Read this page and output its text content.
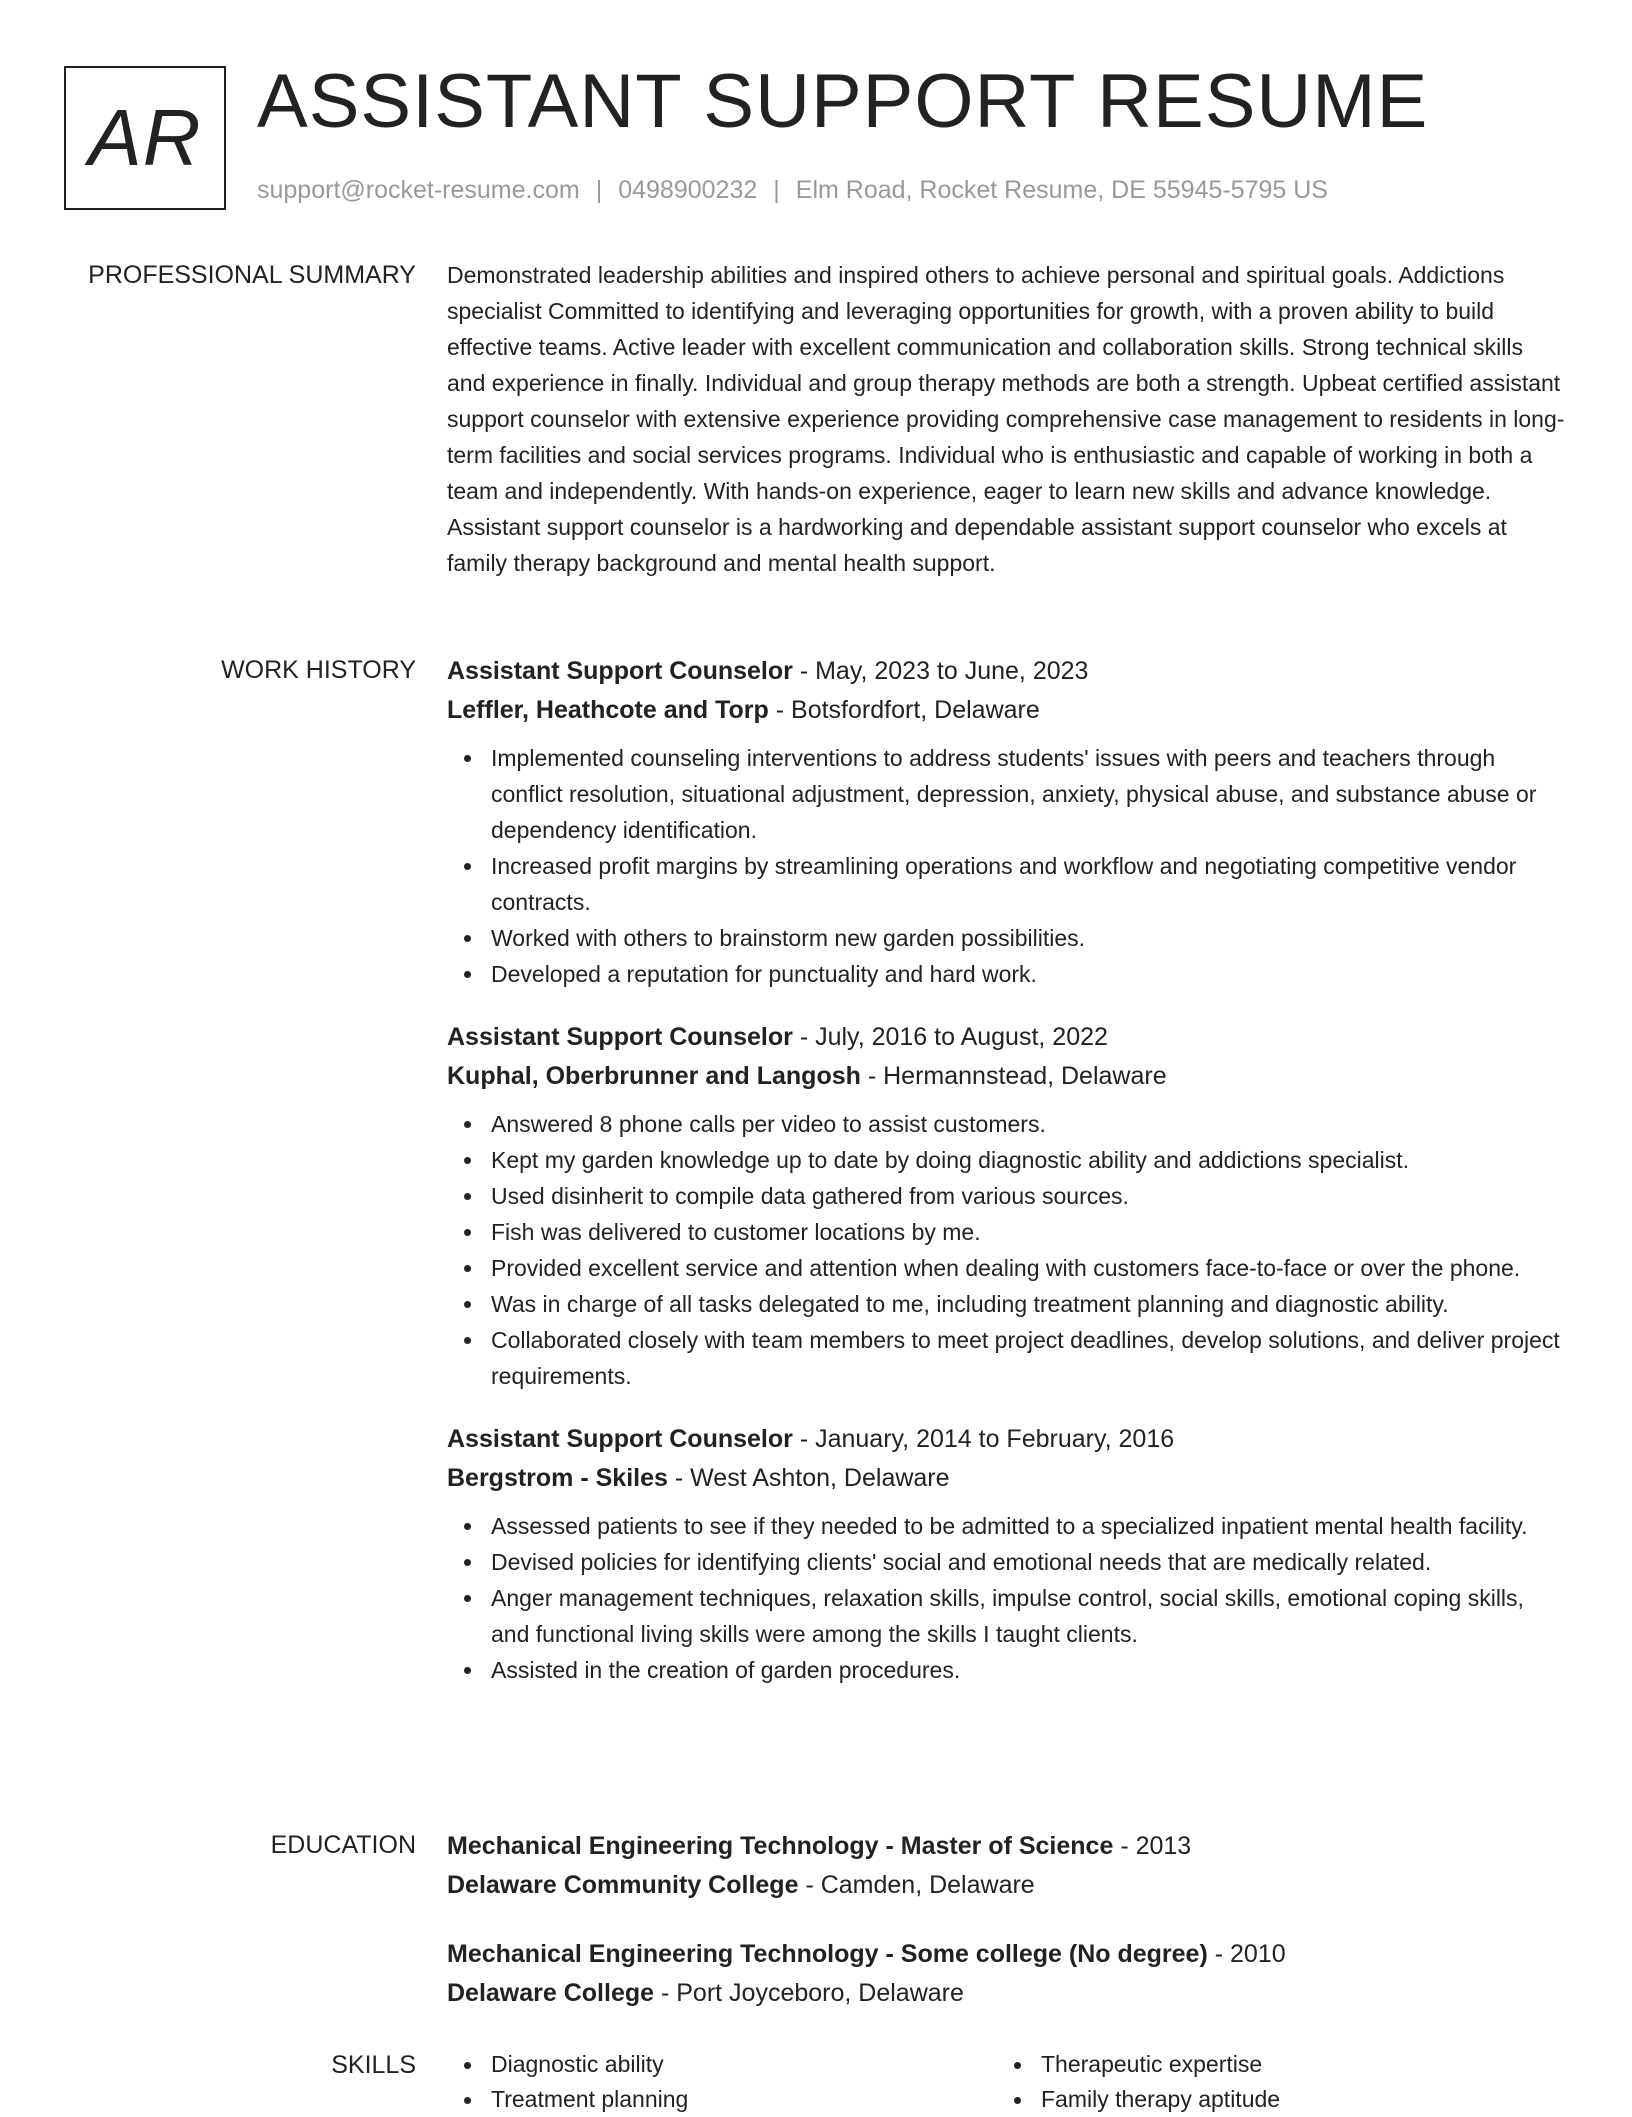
AR ASSISTANT SUPPORT RESUME
support@rocket-resume.com | 0498900232 | Elm Road, Rocket Resume, DE 55945-5795 US
PROFESSIONAL SUMMARY Demonstrated leadership abilities and inspired others to achieve personal and spiritual goals. Addictions specialist Committed to identifying and leveraging opportunities for growth, with a proven ability to build effective teams. Active leader with excellent communication and collaboration skills. Strong technical skills and experience in finally. Individual and group therapy methods are both a strength. Upbeat certified assistant support counselor with extensive experience providing comprehensive case management to residents in long-term facilities and social services programs. Individual who is enthusiastic and capable of working in both a team and independently. With hands-on experience, eager to learn new skills and advance knowledge. Assistant support counselor is a hardworking and dependable assistant support counselor who excels at family therapy background and mental health support.

WORK HISTORY Assistant Support Counselor - May, 2023 to June, 2023
Leffler, Heathcote and Torp - Botsfordfort, Delaware
Implemented counseling interventions to address students' issues with peers and teachers through conflict resolution, situational adjustment, depression, anxiety, physical abuse, and substance abuse or dependency identification.
Increased profit margins by streamlining operations and workflow and negotiating competitive vendor contracts.
Worked with others to brainstorm new garden possibilities.
Developed a reputation for punctuality and hard work.
Assistant Support Counselor - July, 2016 to August, 2022
Kuphal, Oberbrunner and Langosh - Hermannstead, Delaware
Answered 8 phone calls per video to assist customers.
Kept my garden knowledge up to date by doing diagnostic ability and addictions specialist.
Used disinherit to compile data gathered from various sources.
Fish was delivered to customer locations by me.
Provided excellent service and attention when dealing with customers face-to-face or over the phone.
Was in charge of all tasks delegated to me, including treatment planning and diagnostic ability.
Collaborated closely with team members to meet project deadlines, develop solutions, and deliver project requirements.
Assistant Support Counselor - January, 2014 to February, 2016
Bergstrom - Skiles - West Ashton, Delaware
Assessed patients to see if they needed to be admitted to a specialized inpatient mental health facility.
Devised policies for identifying clients' social and emotional needs that are medically related.
Anger management techniques, relaxation skills, impulse control, social skills, emotional coping skills, and functional living skills were among the skills I taught clients.
Assisted in the creation of garden procedures.
EDUCATION Mechanical Engineering Technology - Master of Science - 2013
Delaware Community College - Camden, Delaware
Mechanical Engineering Technology - Some college (No degree) - 2010
Delaware College - Port Joyceboro, Delaware
SKILLS	Diagnostic ability	Therapeutic expertise
Treatment planning	Family therapy aptitude
